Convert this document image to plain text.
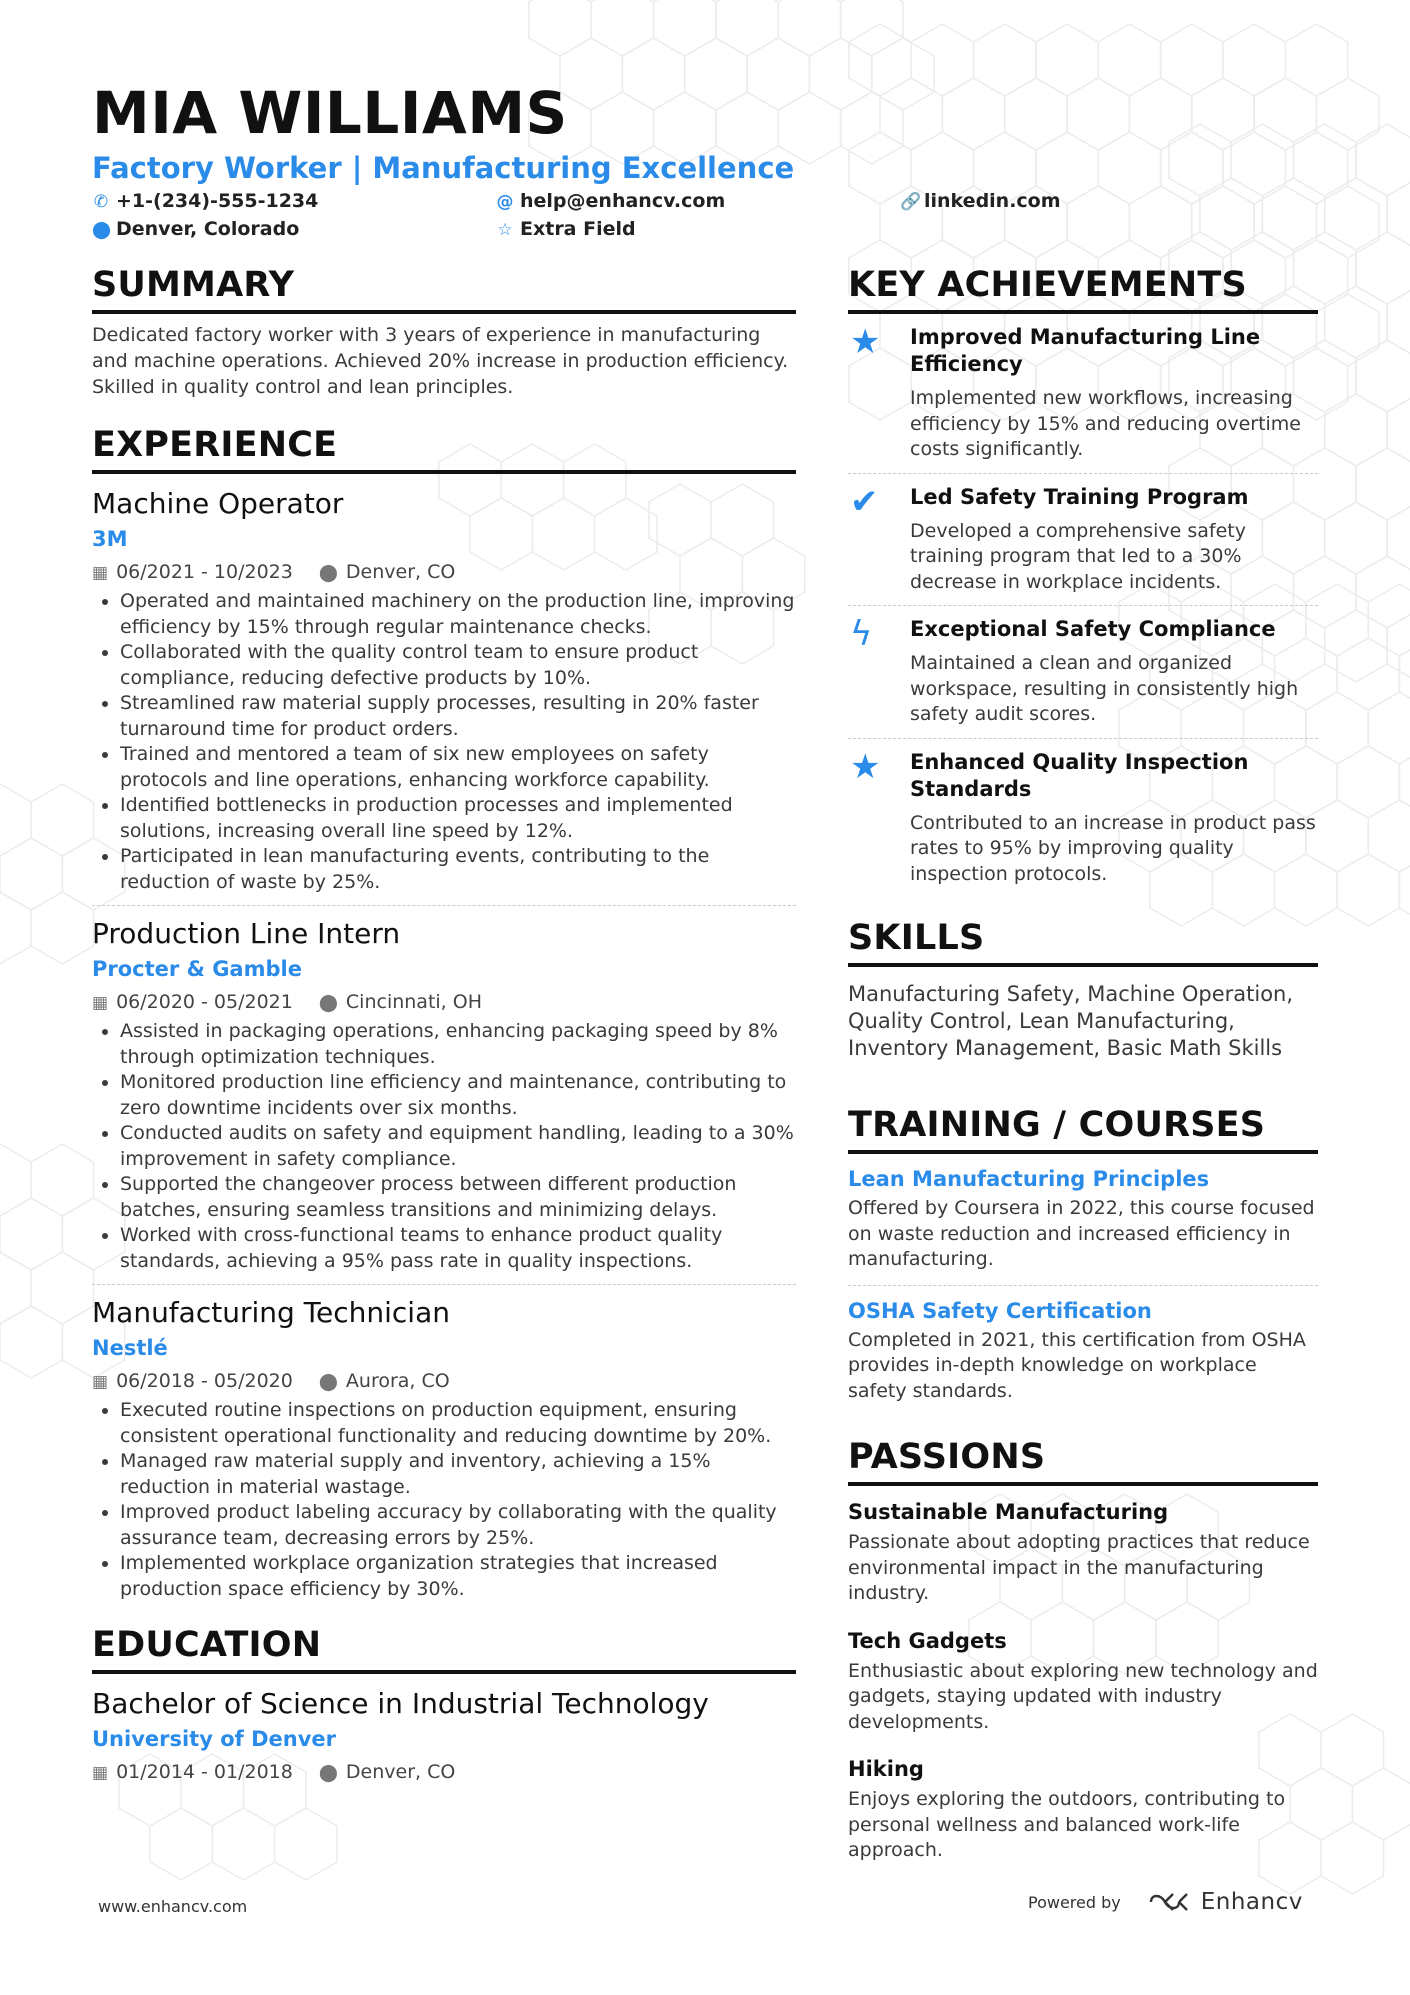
MIA WILLIAMS
Factory Worker | Manufacturing Excellence
✆ +1-(234)-555-1234	@ help@enhancv.com	🔗 linkedin.com
⬤ Denver, Colorado	☆ Extra Field
SUMMARY

Dedicated factory worker with 3 years of experience in manufacturing and machine operations. Achieved 20% increase in production efficiency. Skilled in quality control and lean principles.

EXPERIENCE
Machine Operator
3M
▦ 06/2021 - 10/2023 ⬤ Denver, CO
• Operated and maintained machinery on the production line, improving efficiency by 15% through regular maintenance checks.
• Collaborated with the quality control team to ensure product compliance, reducing defective products by 10%.
• Streamlined raw material supply processes, resulting in 20% faster turnaround time for product orders.
• Trained and mentored a team of six new employees on safety protocols and line operations, enhancing workforce capability.
• Identified bottlenecks in production processes and implemented solutions, increasing overall line speed by 12%.
• Participated in lean manufacturing events, contributing to the reduction of waste by 25%.
Production Line Intern
Procter & Gamble
▦ 06/2020 - 05/2021 ⬤ Cincinnati, OH
• Assisted in packaging operations, enhancing packaging speed by 8% through optimization techniques.
• Monitored production line efficiency and maintenance, contributing to zero downtime incidents over six months.
• Conducted audits on safety and equipment handling, leading to a 30% improvement in safety compliance.
• Supported the changeover process between different production batches, ensuring seamless transitions and minimizing delays.
• Worked with cross-functional teams to enhance product quality standards, achieving a 95% pass rate in quality inspections.
Manufacturing Technician
Nestlé
▦ 06/2018 - 05/2020 ⬤ Aurora, CO
• Executed routine inspections on production equipment, ensuring consistent operational functionality and reducing downtime by 20%.
• Managed raw material supply and inventory, achieving a 15% reduction in material wastage.
• Improved product labeling accuracy by collaborating with the quality assurance team, decreasing errors by 25%.
• Implemented workplace organization strategies that increased production space efficiency by 30%.
EDUCATION
Bachelor of Science in Industrial Technology
University of Denver
▦ 01/2014 - 01/2018 ⬤ Denver, CO
KEY ACHIEVEMENTS
★	Improved Manufacturing Line Efficiency
Implemented new workflows, increasing efficiency by 15% and reducing overtime costs significantly.
✔	Led Safety Training Program
Developed a comprehensive safety training program that led to a 30% decrease in workplace incidents.
ϟ	Exceptional Safety Compliance
Maintained a clean and organized workspace, resulting in consistently high safety audit scores.
★	Enhanced Quality Inspection Standards
Contributed to an increase in product pass rates to 95% by improving quality inspection protocols.
SKILLS
Manufacturing Safety, Machine Operation, Quality Control, Lean Manufacturing, Inventory Management, Basic Math Skills
TRAINING / COURSES
Lean Manufacturing Principles
Offered by Coursera in 2022, this course focused on waste reduction and increased efficiency in manufacturing.
OSHA Safety Certification
Completed in 2021, this certification from OSHA provides in-depth knowledge on workplace safety standards.
PASSIONS
Sustainable Manufacturing
Passionate about adopting practices that reduce environmental impact in the manufacturing industry.
Tech Gadgets
Enthusiastic about exploring new technology and gadgets, staying updated with industry developments.
Hiking
Enjoys exploring the outdoors, contributing to personal wellness and balanced work-life approach.
www.enhancv.com	Powered by	Enhancv
